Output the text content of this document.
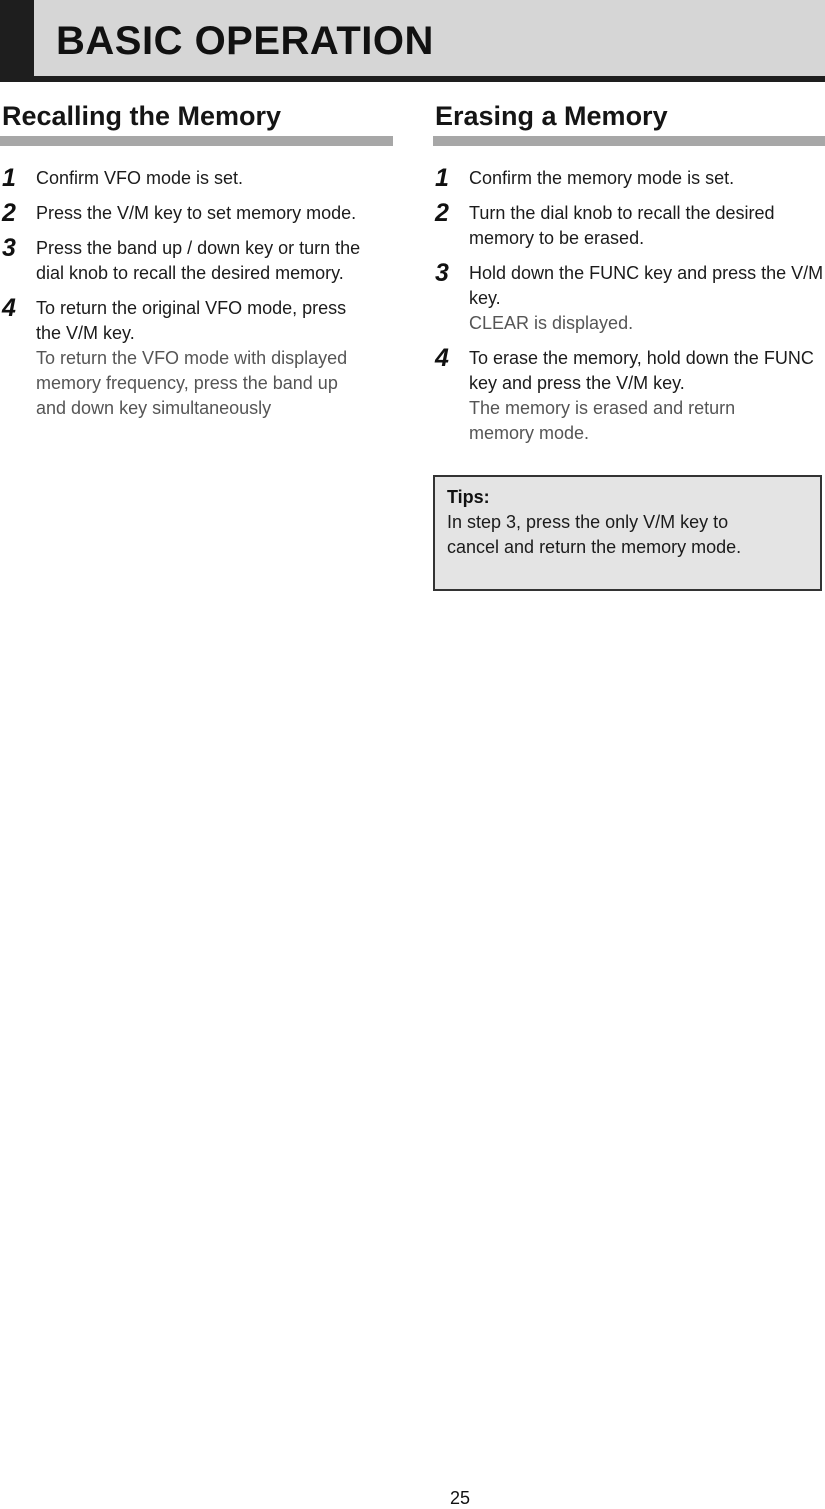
BASIC OPERATION
Recalling the Memory
1 Confirm VFO mode is set.
2 Press the V/M key to set memory mode.
3 Press the band up / down key or turn the dial knob to recall the desired memory.
4 To return the original VFO mode, press the V/M key.
To return the VFO mode with displayed memory frequency, press the band up and down key simultaneously
Erasing a Memory
1 Confirm the memory mode is set.
2 Turn the dial knob to recall the desired memory to be erased.
3 Hold down the FUNC key and press the V/M key.
CLEAR is displayed.
4 To erase the memory, hold down the FUNC key and press the V/M key.
The memory is erased and return memory mode.
Tips:
In step 3, press the only V/M key to cancel and return the memory mode.
25
